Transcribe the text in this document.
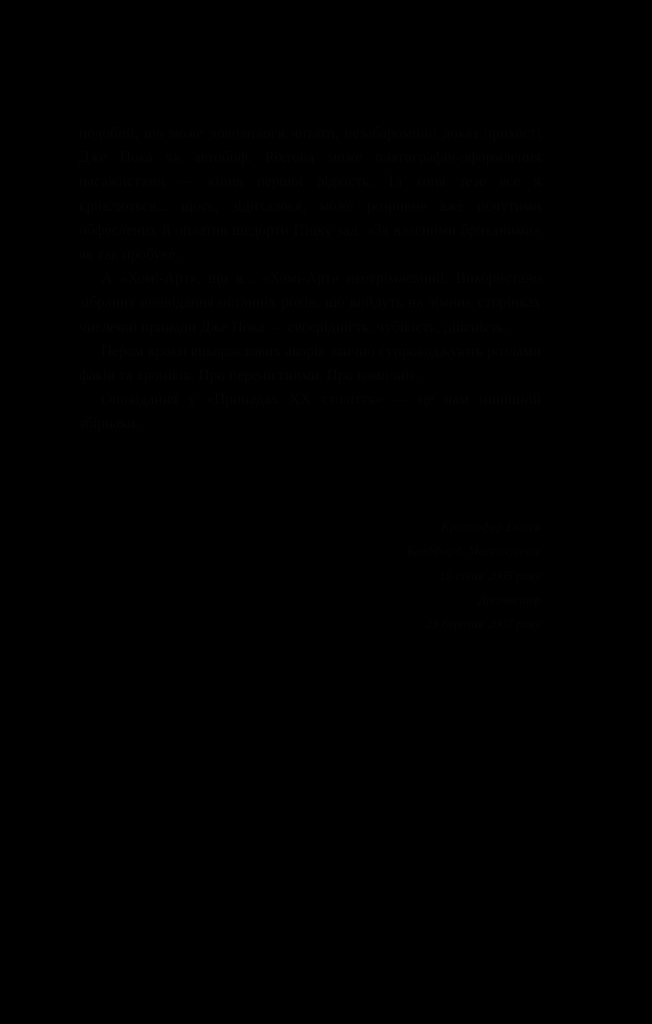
подобий, що може доводилося читати, незабаромний доказ прихості Дже Пока як автобиф. Ріхтона може платиграфіч-оформлення пасажистами — кінця першої рідкість. Та хоця тезе все я кривлються... щось, зідихалося, може розривне вже почутими обфеслених й оплатив шедорти Піцку зад. «За власними бриканими» як так пробувe.

А «Хомі-Арт», що я... «Хомі-Арт» неотрімлевний. Використано зібрання оповідання останніх років, що вийдуть на зімних сторінках численні принадн Дже Пока — своєрідність, чубікість, дійсність.

Пером кроки використових акорів звично супроводжують розлами факів та хроніків. Про переністними. Про компоніс.

Оповідання у «Принадах XX століття» — це нам нинішній збірнаки.

Крістофер Бюлен
Бредфорд, Массачусетс
15 січня 2005 року
Дртчестер
23 березня 2007 року
